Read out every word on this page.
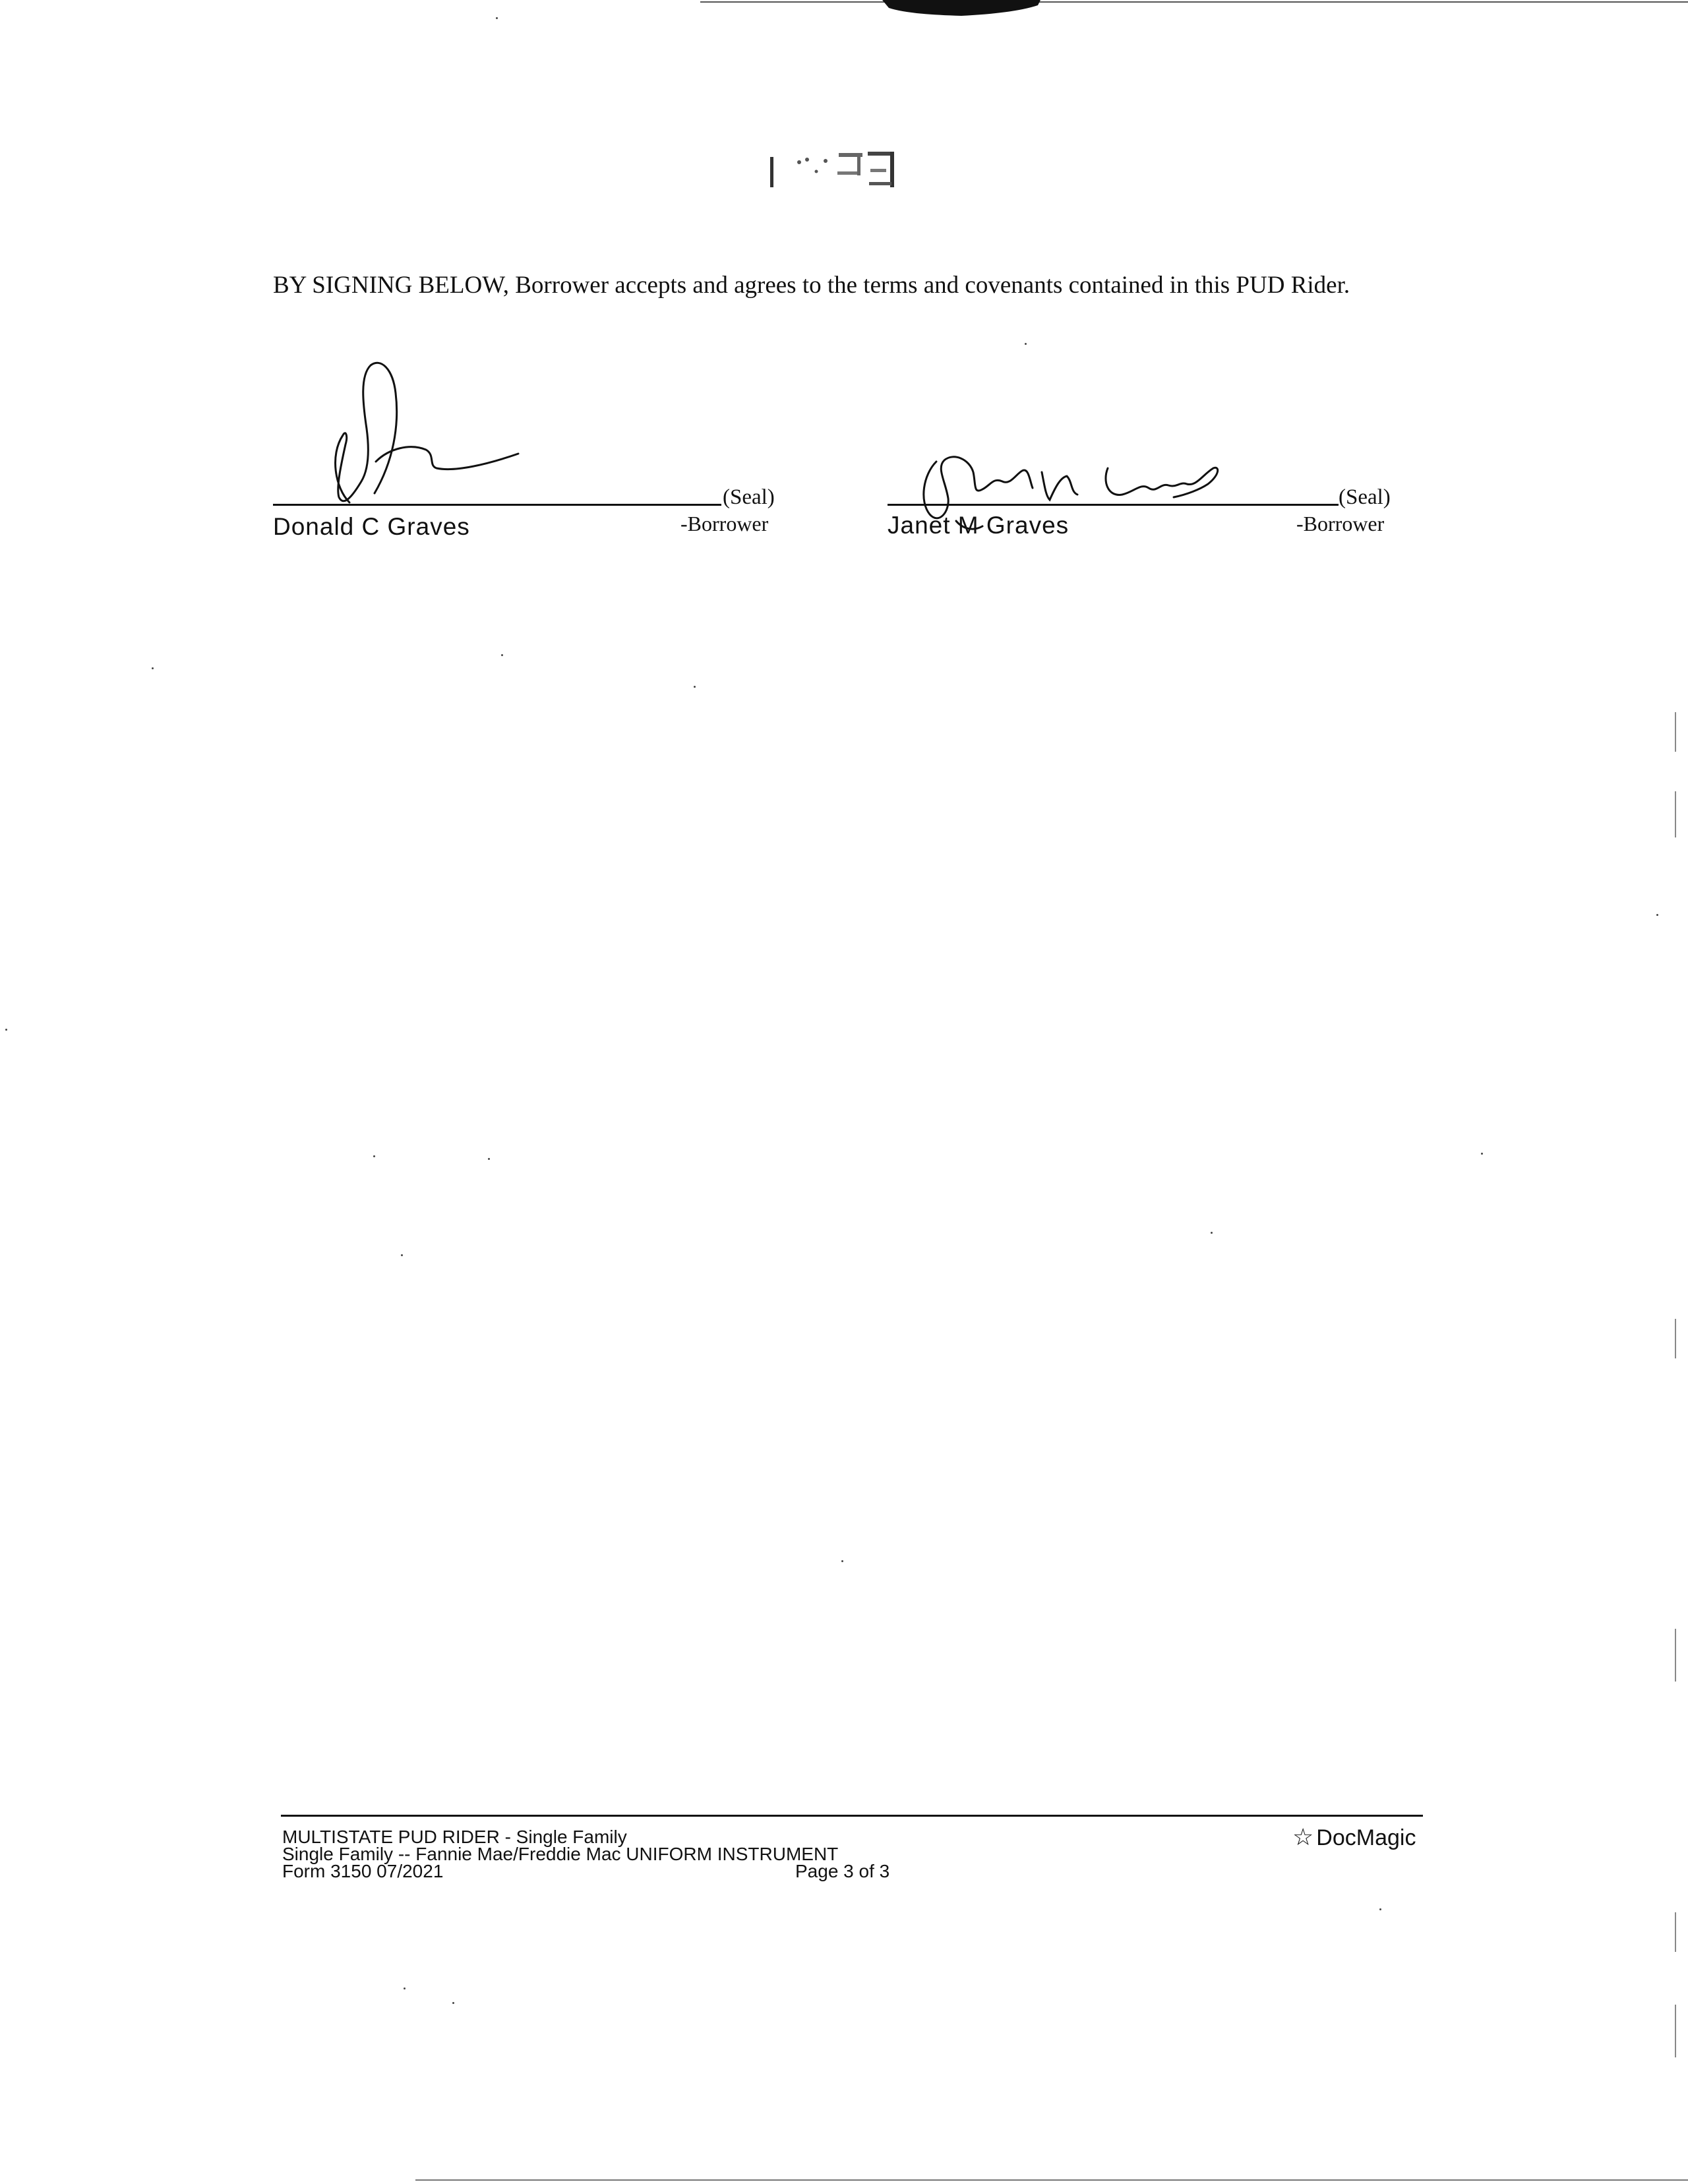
BY SIGNING BELOW, Borrower accepts and agrees to the terms and covenants contained in this PUD Rider.

(Seal)
-Borrower
Donald C Graves
(Seal)
-Borrower
Janet M Graves
MULTISTATE PUD RIDER - Single Family
Single Family -- Fannie Mae/Freddie Mac UNIFORM INSTRUMENT
Form 3150 07/2021	Page 3 of 3
☆ DocMagic
